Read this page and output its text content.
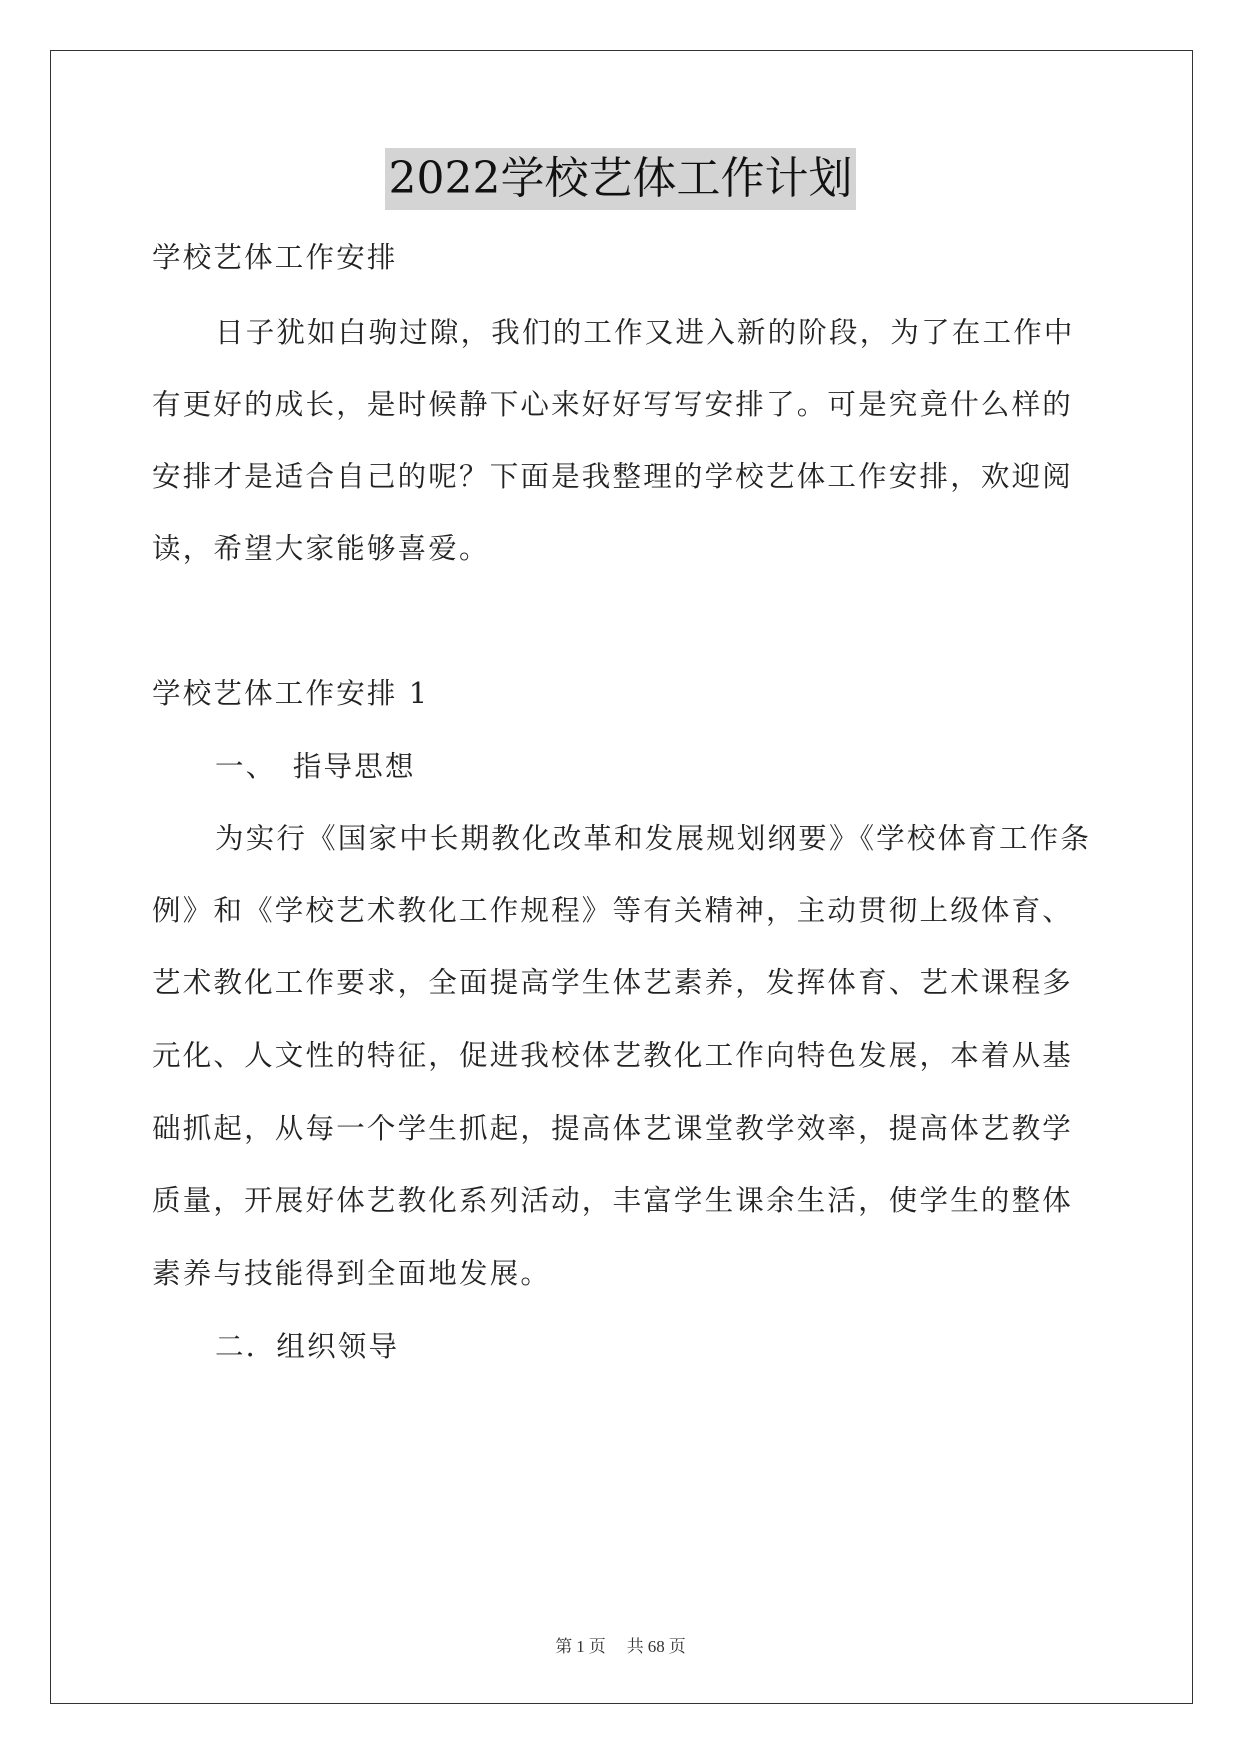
2022学校艺体工作计划
学校艺体工作安排
日子犹如白驹过隙，我们的工作又进入新的阶段，为了在工作中
有更好的成长，是时候静下心来好好写写安排了。可是究竟什么样的
安排才是适合自己的呢？下面是我整理的学校艺体工作安排，欢迎阅
读，希望大家能够喜爱。
学校艺体工作安排 1
一、　指导思想
为实行《国家中长期教化改革和发展规划纲要》《学校体育工作条
例》和《学校艺术教化工作规程》等有关精神，主动贯彻上级体育、
艺术教化工作要求，全面提高学生体艺素养，发挥体育、艺术课程多
元化、人文性的特征，促进我校体艺教化工作向特色发展，本着从基
础抓起，从每一个学生抓起，提高体艺课堂教学效率，提高体艺教学
质量，开展好体艺教化系列活动，丰富学生课余生活，使学生的整体
素养与技能得到全面地发展。
二．组织领导
第 1 页 共 68 页
